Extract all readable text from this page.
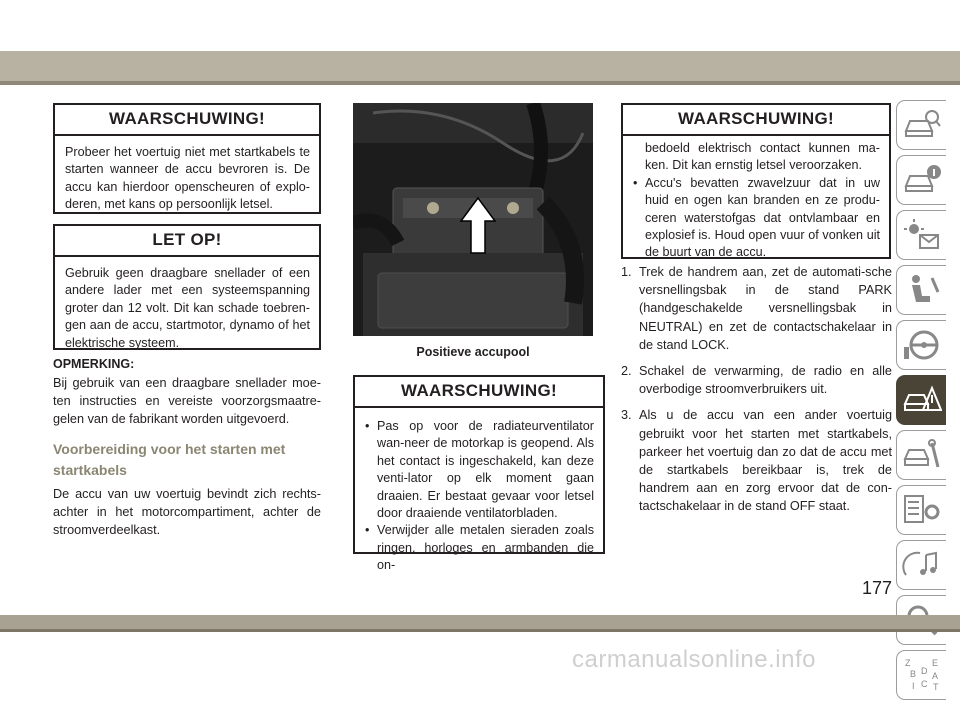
WAARSCHUWING!
Probeer het voertuig niet met startkabels te starten wanneer de accu bevroren is. De accu kan hierdoor openscheuren of explo-deren, met kans op persoonlijk letsel.
LET OP!
Gebruik geen draagbare snellader of een andere lader met een systeemspanning groter dan 12 volt. Dit kan schade toebren-gen aan de accu, startmotor, dynamo of het elektrische systeem.
OPMERKING:
Bij gebruik van een draagbare snellader moe-ten instructies en vereiste voorzorgsmaatre-gelen van de fabrikant worden uitgevoerd.
Voorbereiding voor het starten met startkabels
De accu van uw voertuig bevindt zich rechts-achter in het motorcompartiment, achter de stroomverdeelkast.
Positieve accupool
WAARSCHUWING!
• Pas op voor de radiateurventilator wan-neer de motorkap is geopend. Als het contact is ingeschakeld, kan deze venti-lator op elk moment gaan draaien. Er bestaat gevaar voor letsel door draaiende ventilatorbladen.
• Verwijder alle metalen sieraden zoals ringen, horloges en armbanden die on-
WAARSCHUWING!
bedoeld elektrisch contact kunnen ma-ken. Dit kan ernstig letsel veroorzaken.
• Accu's bevatten zwavelzuur dat in uw huid en ogen kan branden en ze produ-ceren waterstofgas dat ontvlambaar en explosief is. Houd open vuur of vonken uit de buurt van de accu.
1. Trek de handrem aan, zet de automati-sche versnellingsbak in de stand PARK (handgeschakelde versnellingsbak in NEUTRAL) en zet de contactschakelaar in de stand LOCK.
2. Schakel de verwarming, de radio en alle overbodige stroomverbruikers uit.
3. Als u de accu van een ander voertuig gebruikt voor het starten met startkabels, parkeer het voertuig dan zo dat de accu met de startkabels bereikbaar is, trek de handrem aan en zorg ervoor dat de con-tactschakelaar in de stand OFF staat.
Z E
B D A
I C T
177
carmanualsonline.info
